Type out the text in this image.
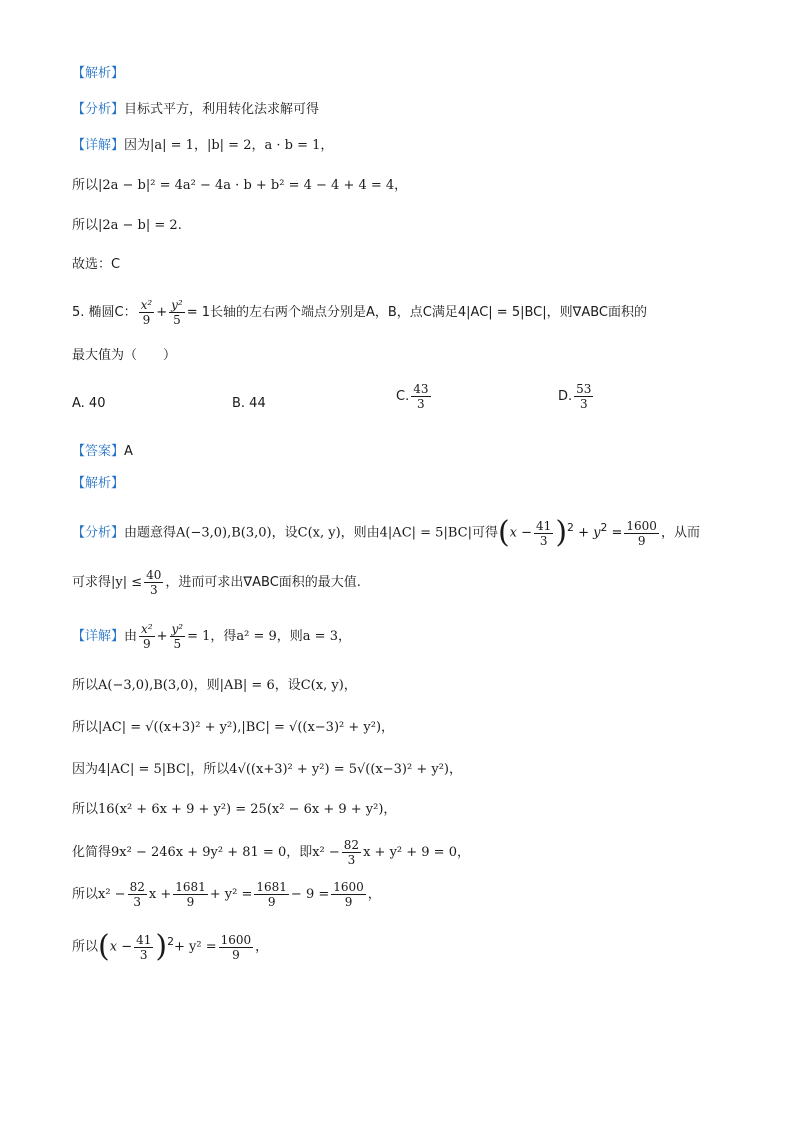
【解析】
【分析】目标式平方，利用转化法求解可得
【详解】因为|a| = 1，|b| = 2，a · b = 1，
所以|2a − b|² = 4a² − 4a · b + b² = 4 − 4 + 4 = 4，
所以|2a − b| = 2.
故选：C
5. 椭圆C： $\frac{\text{x²}}{9} + \frac{\text{y²}}{5} = 1$长轴的左右两个端点分别是A，B，点C满足4|AC| = 5|BC|，则∇ABC面积的
最大值为（　　）
A. 40	B. 44	C. $\frac{43}{3}$	D. $\frac{53}{3}$
【答案】A
【解析】
【分析】由题意得A(−3,0),B(3,0)，设C(x, y)，则由4|AC| = 5|BC|可得$(x - \frac{41}{3} )^2 + y^2 = \frac{1600}{9}$ ，从而
可求得$|y| \le \frac{40}{3}$ ，进而可求出∇ABC面积的最大值.
【详解】由 $\frac{\text{x²}}{9} + \frac{\text{y²}}{5} = 1$，得a² = 9，则a = 3，
所以A(−3,0),B(3,0)，则|AB| = 6，设C(x, y)，
所以|AC| = √((x+3)² + y²),|BC| = √((x−3)² + y²)，
因为4|AC| = 5|BC|，所以4√((x+3)² + y²) = 5√((x−3)² + y²)，
所以16(x² + 6x + 9 + y²) = 25(x² − 6x + 9 + y²)，
化简得9x² − 246x + 9y² + 81 = 0，即$x^2 - \frac{82}{3}$ x + y² + 9 = 0，
所以$x^2 - \frac{82}{3}$ $x + \frac{1681}{9} + y^2 = \frac{1681}{9} - 9 = \frac{1600}{9}$ ，
所以$(x - \frac{41}{3} )^2+ y^2 = \frac{1600}{9}$ ，
